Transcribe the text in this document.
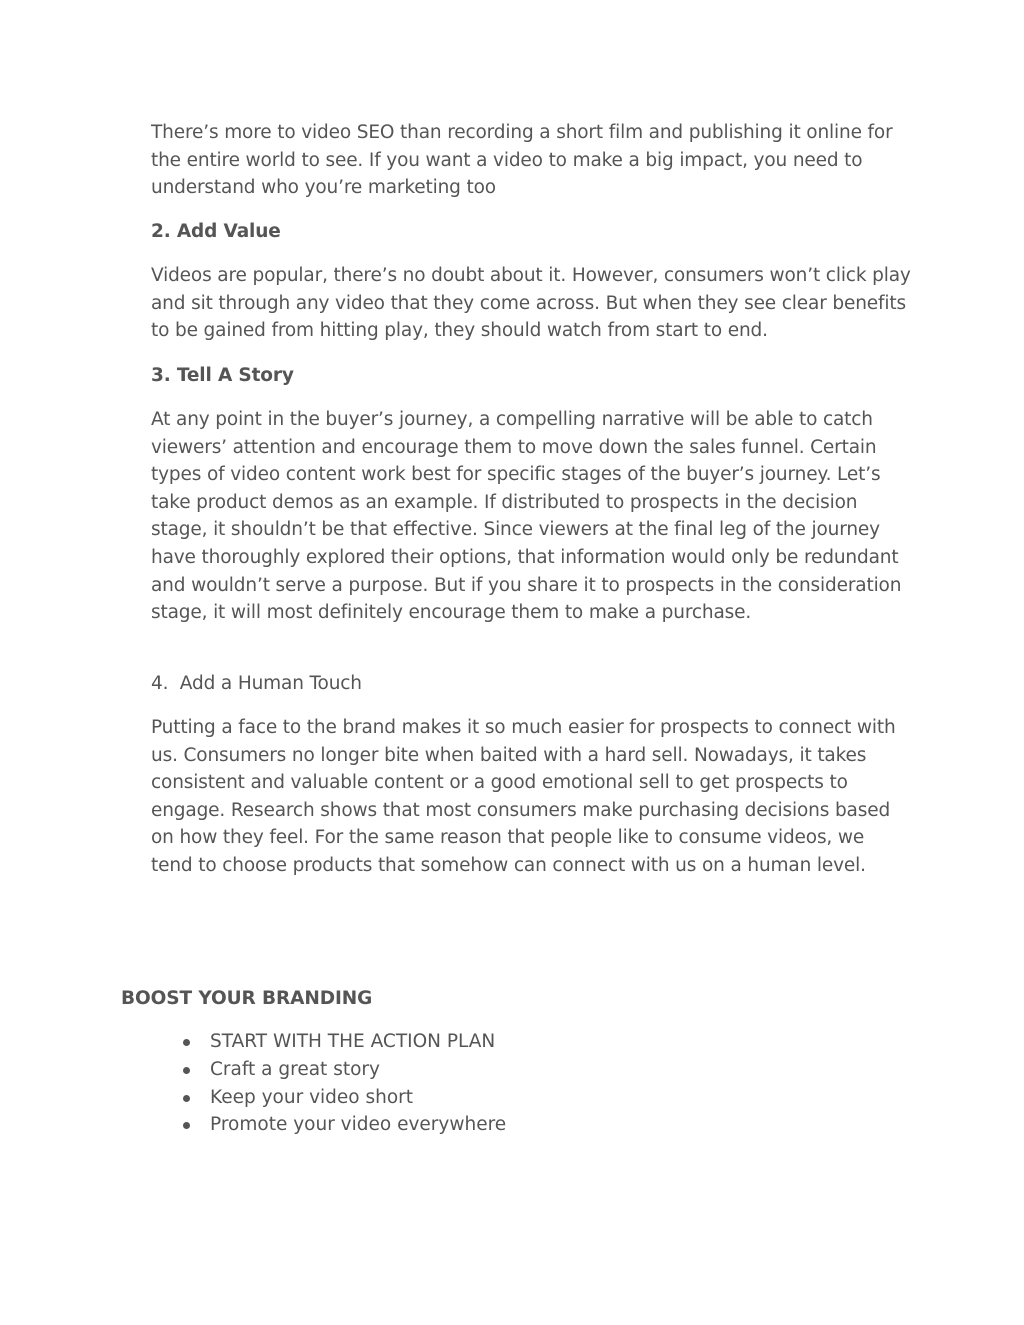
There’s more to video SEO than recording a short film and publishing it online for the entire world to see. If you want a video to make a big impact, you need to understand who you’re marketing too

2. Add Value

Videos are popular, there’s no doubt about it. However, consumers won’t click play and sit through any video that they come across. But when they see clear benefits to be gained from hitting play, they should watch from start to end.

3. Tell A Story

At any point in the buyer’s journey, a compelling narrative will be able to catch viewers’ attention and encourage them to move down the sales funnel. Certain types of video content work best for specific stages of the buyer’s journey. Let’s take product demos as an example. If distributed to prospects in the decision stage, it shouldn’t be that effective. Since viewers at the final leg of the journey have thoroughly explored their options, that information would only be redundant and wouldn’t serve a purpose. But if you share it to prospects in the consideration stage, it will most definitely encourage them to make a purchase.

4.  Add a Human Touch

Putting a face to the brand makes it so much easier for prospects to connect with us. Consumers no longer bite when baited with a hard sell. Nowadays, it takes consistent and valuable content or a good emotional sell to get prospects to engage. Research shows that most consumers make purchasing decisions based on how they feel. For the same reason that people like to consume videos, we tend to choose products that somehow can connect with us on a human level.

BOOST YOUR BRANDING

START WITH THE ACTION PLAN
Craft a great story
Keep your video short
Promote your video everywhere
